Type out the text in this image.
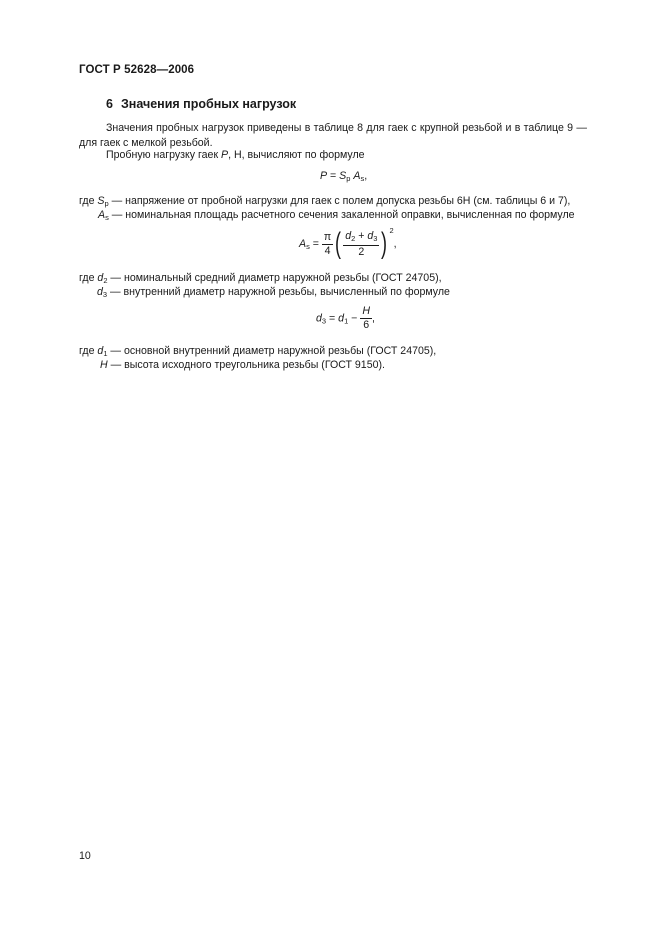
ГОСТ Р 52628—2006
6 Значения пробных нагрузок
Значения пробных нагрузок приведены в таблице 8 для гаек с крупной резьбой и в таблице 9 — для гаек с мелкой резьбой.
Пробную нагрузку гаек P, Н, вычисляют по формуле
$P = S_p$ $A_s$,
где $S_p$ — напряжение от пробной нагрузки для гаек с полем допуска резьбы 6Н (см. таблицы 6 и 7),
$A_s$ — номинальная площадь расчетного сечения закаленной оправки, вычисленная по формуле
$A_s = \frac{\pi}{4}$ ( $\frac{d_2 + d_3}{2}$ ) $^2$,
где $d_2$ — номинальный средний диаметр наружной резьбы (ГОСТ 24705),
$d_3$ — внутренний диаметр наружной резьбы, вычисленный по формуле
$d_3 = d_1 - \frac{H}{6}$ ,
где $d_1$ — основной внутренний диаметр наружной резьбы (ГОСТ 24705),
H — высота исходного треугольника резьбы (ГОСТ 9150).
10
